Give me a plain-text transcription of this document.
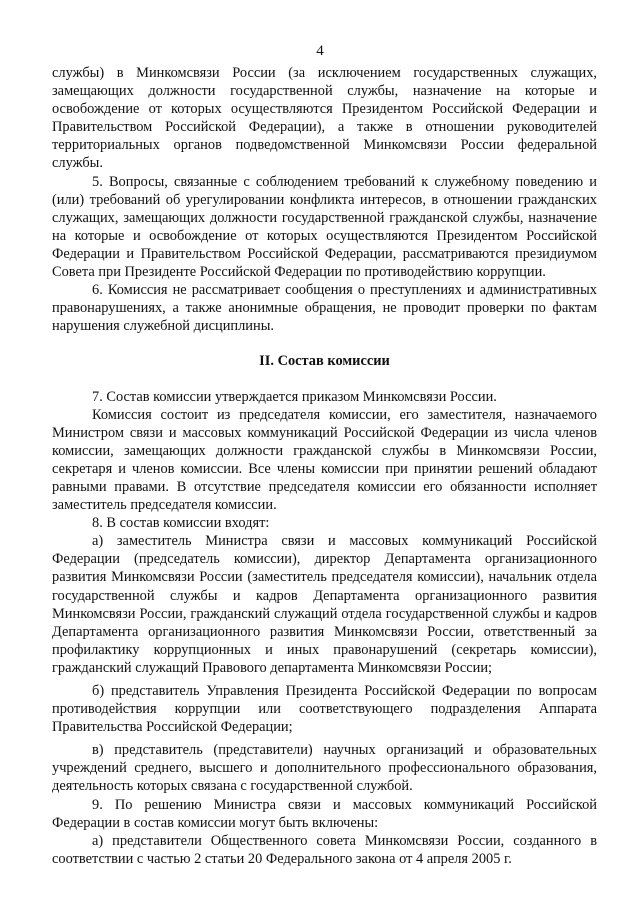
4

службы) в Минкомсвязи России (за исключением государственных служащих, замещающих должности государственной службы, назначение на которые и освобождение от которых осуществляются Президентом Российской Федерации и Правительством Российской Федерации), а также в отношении руководителей территориальных органов подведомственной Минкомсвязи России федеральной службы.

5. Вопросы, связанные с соблюдением требований к служебному поведению и (или) требований об урегулировании конфликта интересов, в отношении гражданских служащих, замещающих должности государственной гражданской службы, назначение на которые и освобождение от которых осуществляются Президентом Российской Федерации и Правительством Российской Федерации, рассматриваются президиумом Совета при Президенте Российской Федерации по противодействию коррупции.

6. Комиссия не рассматривает сообщения о преступлениях и административных правонарушениях, а также анонимные обращения, не проводит проверки по фактам нарушения служебной дисциплины.

II. Состав комиссии

7. Состав комиссии утверждается приказом Минкомсвязи России.

Комиссия состоит из председателя комиссии, его заместителя, назначаемого Министром связи и массовых коммуникаций Российской Федерации из числа членов комиссии, замещающих должности гражданской службы в Минкомсвязи России, секретаря и членов комиссии. Все члены комиссии при принятии решений обладают равными правами. В отсутствие председателя комиссии его обязанности исполняет заместитель председателя комиссии.

8. В состав комиссии входят:

а) заместитель Министра связи и массовых коммуникаций Российской Федерации (председатель комиссии), директор Департамента организационного развития Минкомсвязи России (заместитель председателя комиссии), начальник отдела государственной службы и кадров Департамента организационного развития Минкомсвязи России, гражданский служащий отдела государственной службы и кадров Департамента организационного развития Минкомсвязи России, ответственный за профилактику коррупционных и иных правонарушений (секретарь комиссии), гражданский служащий Правового департамента Минкомсвязи России;

б) представитель Управления Президента Российской Федерации по вопросам противодействия коррупции или соответствующего подразделения Аппарата Правительства Российской Федерации;

в) представитель (представители) научных организаций и образовательных учреждений среднего, высшего и дополнительного профессионального образования, деятельность которых связана с государственной службой.

9. По решению Министра связи и массовых коммуникаций Российской Федерации в состав комиссии могут быть включены:

а) представители Общественного совета Минкомсвязи России, созданного в соответствии с частью 2 статьи 20 Федерального закона от 4 апреля 2005 г.
